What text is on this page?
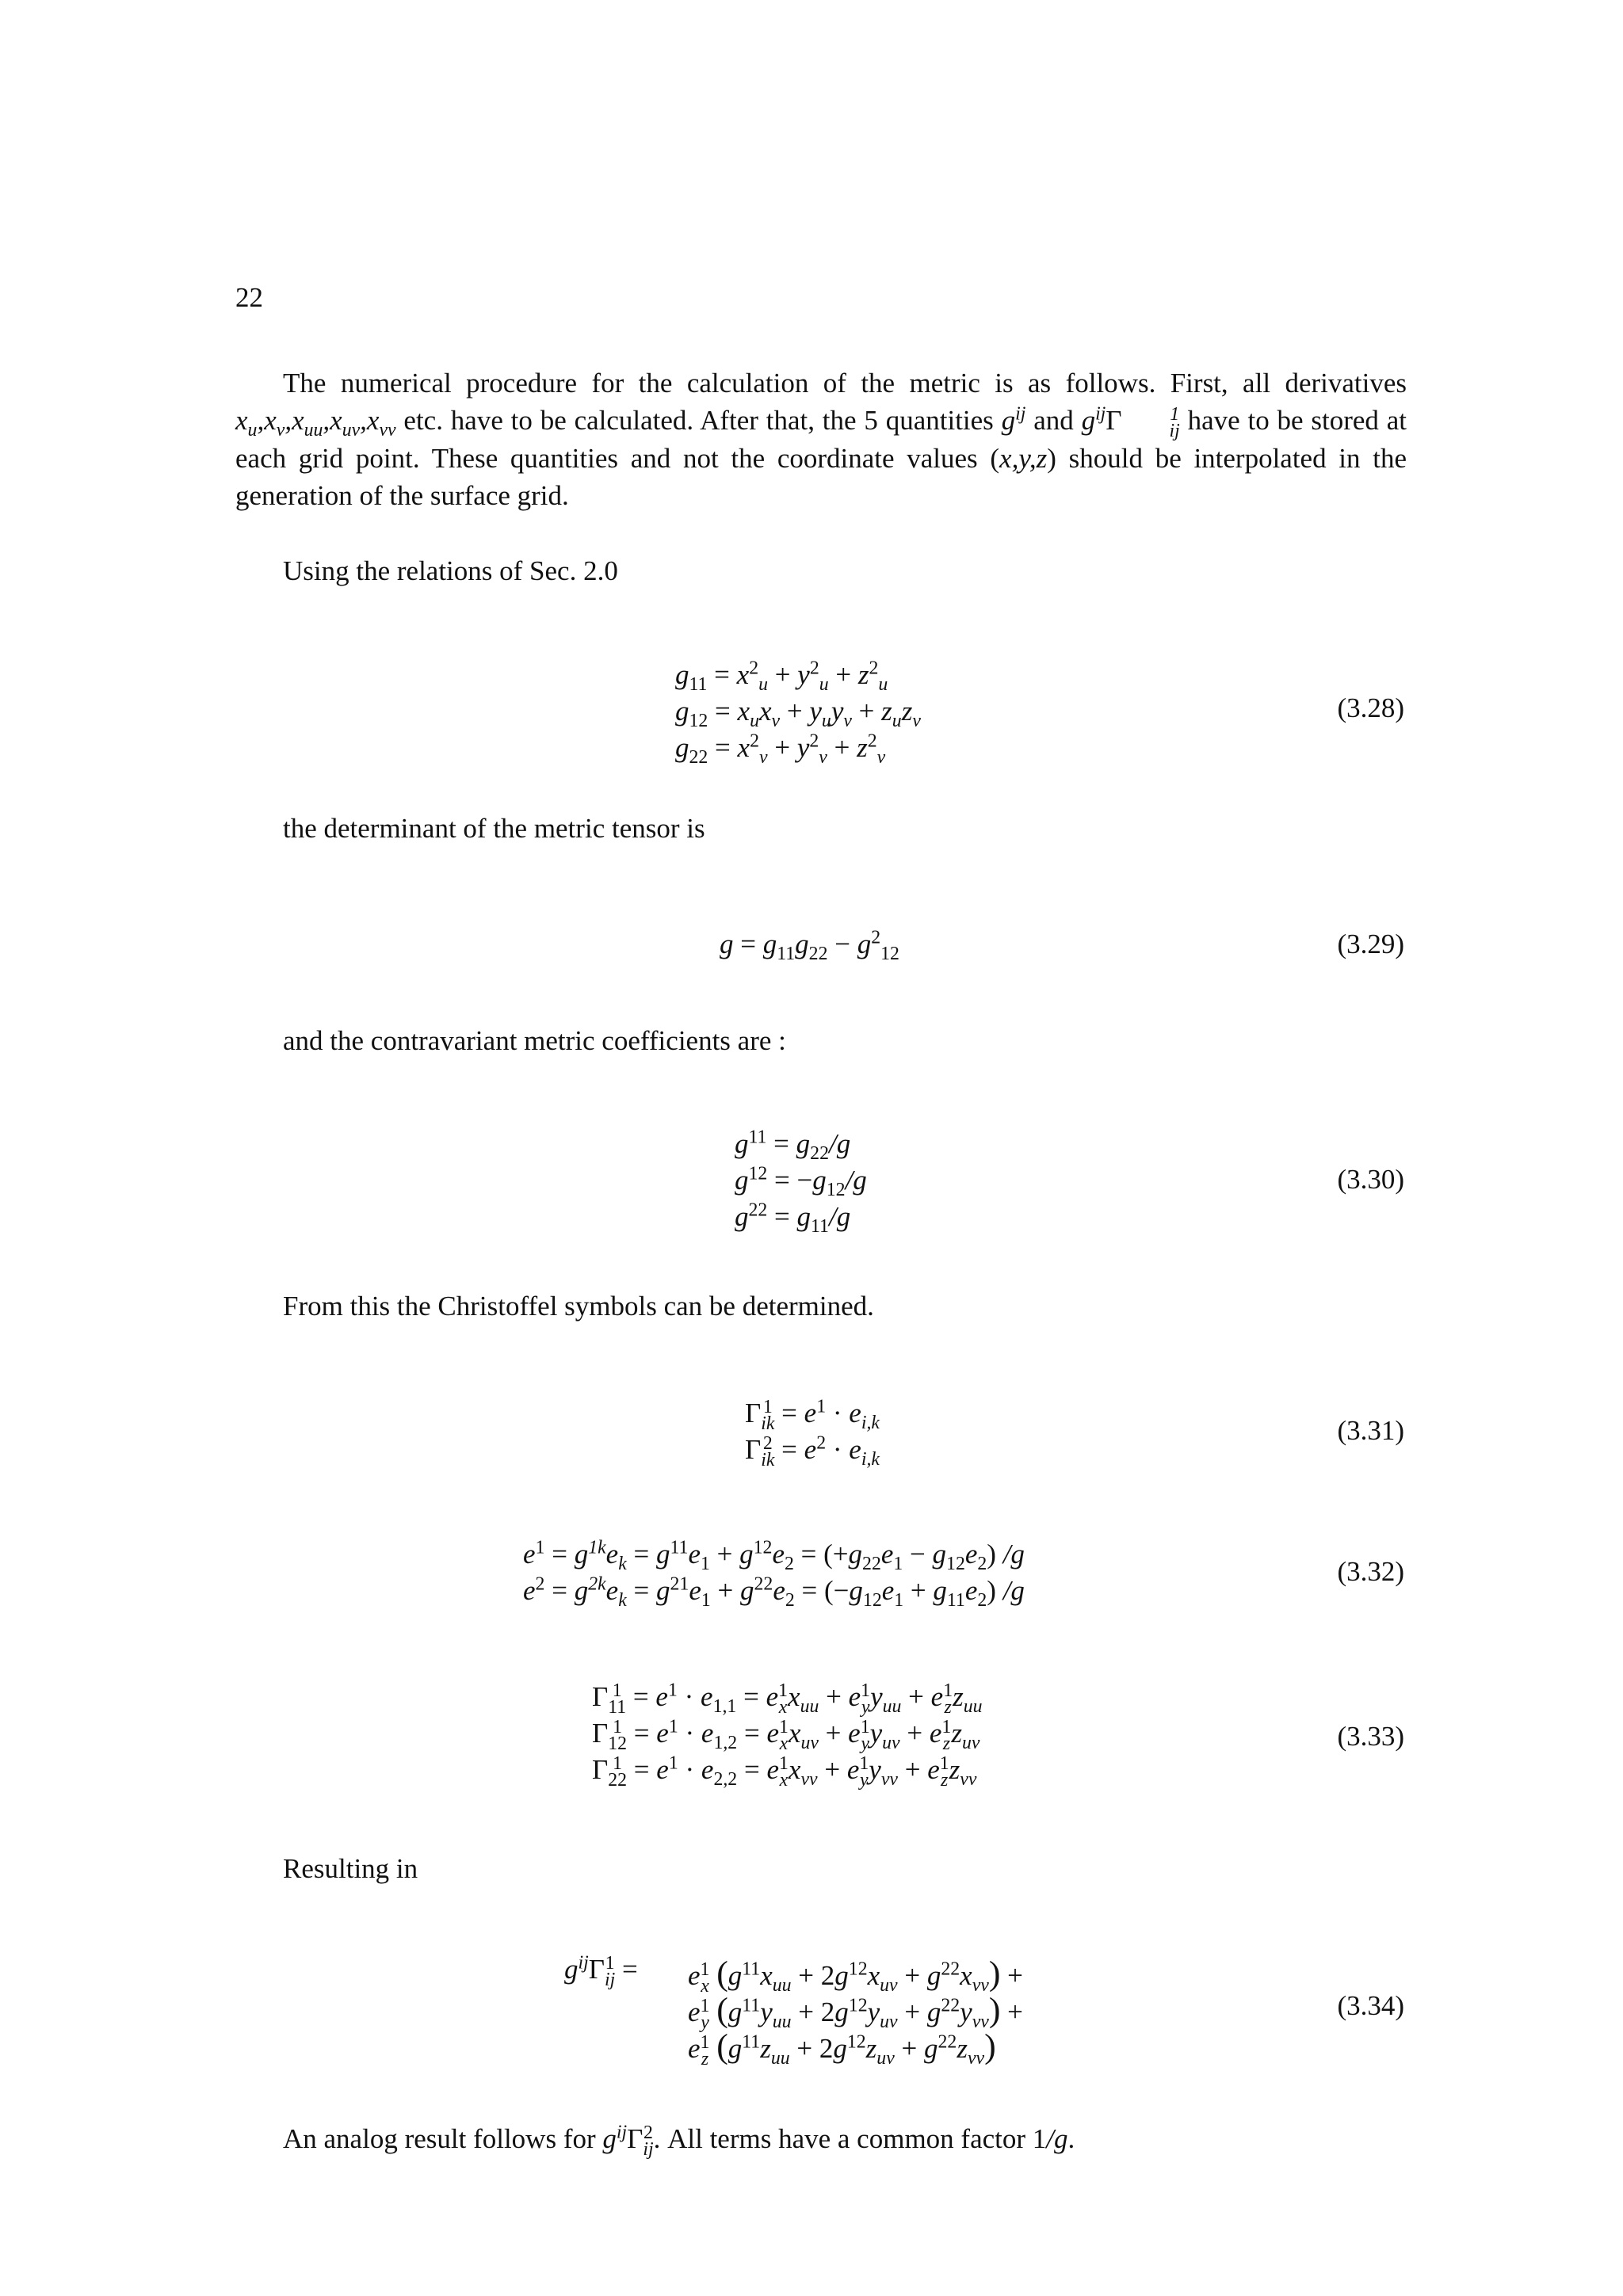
22
The numerical procedure for the calculation of the metric is as follows. First, all derivatives $x_u,x_v,x_{uu},x_{uv},x_{vv}$ etc. have to be calculated. After that, the 5 quantities $g^{ij}$ and $g^{ij}\Gamma$	1
ij have to be stored at each grid point. These quantities and not the coordinate values (x,y,z) should be interpolated in the generation of the surface grid.
Using the relations of Sec. 2.0
$g_{11} = x^2_u + y^2_u + z^2_u$
$g_{12} = x_ux_v + y_uy_v + z_uz_v$
$g_{22} = x^2_v + y^2_v + z^2_v$
(3.28)
the determinant of the metric tensor is
$g = g_{11}g_{22} - g^2_{12}$	(3.29)
and the contravariant metric coefficients are :
$g^{11} = g_{22}/g$
$g^{12} = -g_{12}/g$
$g^{22} = g_{11}/g$
(3.30)
From this the Christoffel symbols can be determined.
Γ 1
ik = $e^1 \cdot e_{i,k}$
Γ 2
ik = $e^2 \cdot e_{i,k}$
(3.31)
$e^1 = g^{1k}e_k = g^{11}e_1 + g^{12}e_2 = (+g_{22}e_1 - g_{12}e_2)$ /g
$e^2 = g^{2k}e_k = g^{21}e_1 + g^{22}e_2 = (-g_{12}e_1 + g_{11}e_2)$ /g
(3.32)
Γ 1
$11 = e^1 \cdot e_{1,1} = e$ 1
x $x_{uu} + e$ 1
y $y_{uu} + e$ 1
z $z_{uu}$
Γ 1
$12 = e^1 \cdot e_{1,2} = e$ 1
x $x_{uv} + e$ 1
y $y_{uv} + e$ 1
z $z_{uv}$
Γ 1
$22 = e^1 \cdot e_{2,2} = e$ 1
x $x_{vv} + e$ 1
y $y_{vv} + e$ 1
z $z_{vv}$
(3.33)
Resulting in
$g^{ij}\Gamma$ 1
ij = e 1
x $(g^{11}x_{uu} + 2g^{12}x_{uv} + g^{22}x_{vv})$ +
e 1
y $(g^{11}y_{uu} + 2g^{12}y_{uv} + g^{22}y_{vv})$ +
e 1
z $(g^{11}z_{uu} + 2g^{12}z_{uv} + g^{22}z_{vv})$
(3.34)
An analog result follows for $g^{ij}\Gamma$ 2
ij . All terms have a common factor 1/g.
